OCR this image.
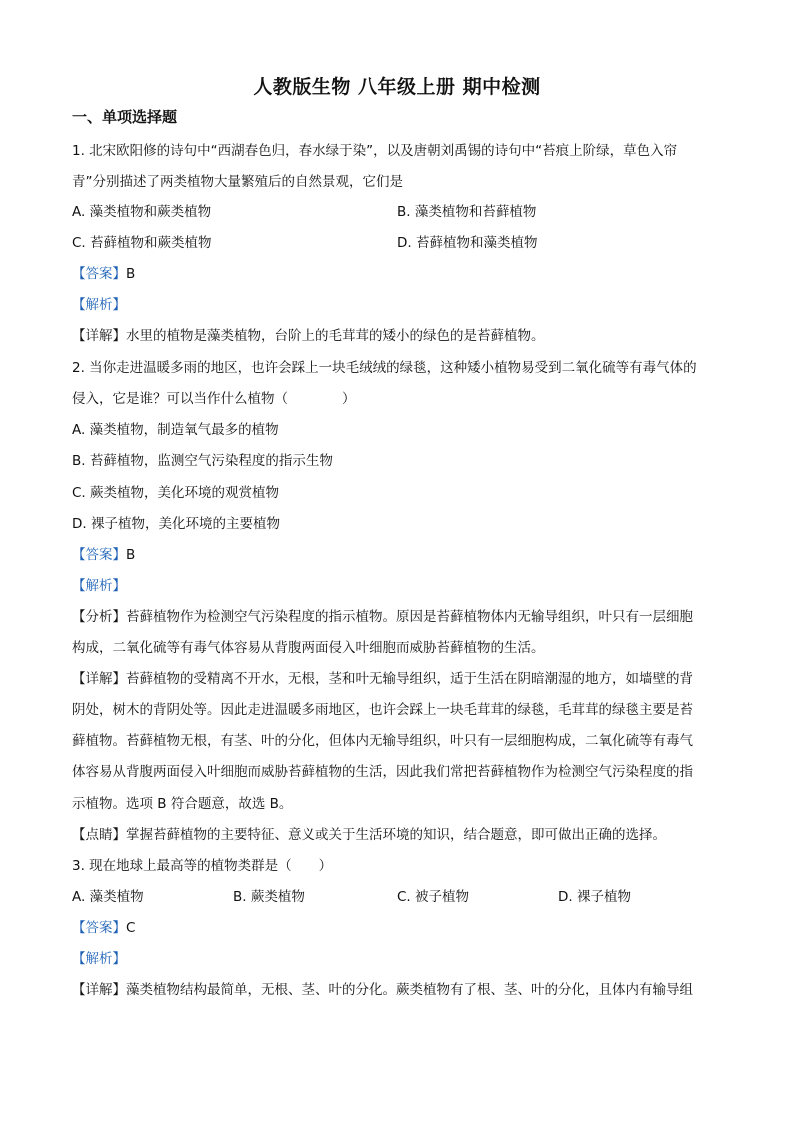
人教版生物 八年级上册 期中检测
一、单项选择题
1. 北宋欧阳修的诗句中“西湖春色归，春水绿于染”，以及唐朝刘禹锡的诗句中“苔痕上阶绿，草色入帘
青”分别描述了两类植物大量繁殖后的自然景观，它们是
A. 藻类植物和蕨类植物	B. 藻类植物和苔藓植物
C. 苔藓植物和蕨类植物	D. 苔藓植物和藻类植物
【答案】B
【解析】
【详解】水里的植物是藻类植物，台阶上的毛茸茸的矮小的绿色的是苔藓植物。
2. 当你走进温暖多雨的地区，也许会踩上一块毛绒绒的绿毯，这种矮小植物易受到二氧化硫等有毒气体的
侵入，它是谁？可以当作什么植物（　　　　）
A. 藻类植物，制造氧气最多的植物
B. 苔藓植物，监测空气污染程度的指示生物
C. 蕨类植物，美化环境的观赏植物
D. 裸子植物，美化环境的主要植物
【答案】B
【解析】
【分析】苔藓植物作为检测空气污染程度的指示植物。原因是苔藓植物体内无输导组织，叶只有一层细胞
构成，二氧化硫等有毒气体容易从背腹两面侵入叶细胞而威胁苔藓植物的生活。
【详解】苔藓植物的受精离不开水，无根，茎和叶无输导组织，适于生活在阴暗潮湿的地方，如墙壁的背
阴处，树木的背阴处等。因此走进温暖多雨地区，也许会踩上一块毛茸茸的绿毯，毛茸茸的绿毯主要是苔
藓植物。苔藓植物无根，有茎、叶的分化，但体内无输导组织，叶只有一层细胞构成，二氧化硫等有毒气
体容易从背腹两面侵入叶细胞而威胁苔藓植物的生活，因此我们常把苔藓植物作为检测空气污染程度的指
示植物。选项 B 符合题意，故选 B。
【点睛】掌握苔藓植物的主要特征、意义或关于生活环境的知识，结合题意，即可做出正确的选择。
3. 现在地球上最高等的植物类群是（　　）
A. 藻类植物	B. 蕨类植物	C. 被子植物	D. 裸子植物
【答案】C
【解析】
【详解】藻类植物结构最简单，无根、茎、叶的分化。蕨类植物有了根、茎、叶的分化，且体内有输导组
